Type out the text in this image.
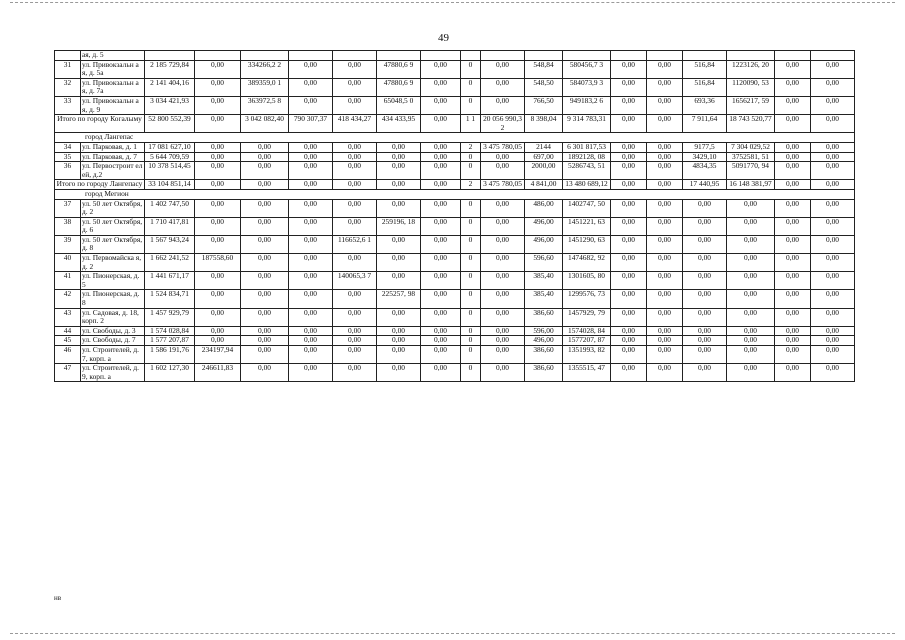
49
	ая, д. 5																		
31	ул. Привокзальн ая, д. 5а	2 185 729,84	0,00	334266,2 2	0,00	0,00	47880,6 9	0,00	0	0,00	548,84	580456,7 3	0,00	0,00	516,84	1223126, 20	0,00	0,00	
32	ул. Привокзальн ая, д. 7а	2 141 404,16	0,00	389359,0 1	0,00	0,00	47880,6 9	0,00	0	0,00	548,50	584073,9 3	0,00	0,00	516,84	1120090, 53	0,00	0,00	
33	ул. Привокзальн ая, д. 9	3 034 421,93	0,00	363972,5 8	0,00	0,00	65048,5 0	0,00	0	0,00	766,50	949183,2 6	0,00	0,00	693,36	1656217, 59	0,00	0,00	
Итого по городу Когалыму		52 800 552,39	0,00	3 042 082,40	790 307,37	418 434,27	434 433,95	0,00	1 1	20 056 990,32	8 398,04	9 314 783,31	0,00	0,00	7 911,64	18 743 520,77	0,00	0,00	
город Лангепас																			
34	ул. Парковая, д. 1	17 081 627,10	0,00	0,00	0,00	0,00	0,00	0,00	2	3 475 780,05	2144	6 301 817,53	0,00	0,00	9177,5	7 304 029,52	0,00	0,00	
35	ул. Парковая, д. 7	5 644 709,59	0,00	0,00	0,00	0,00	0,00	0,00	0	0,00	697,00	1892128, 08	0,00	0,00	3429,10	3752581, 51	0,00	0,00	
36	ул. Первостроит елей, д.2	10 378 514,45	0,00	0,00	0,00	0,00	0,00	0,00	0	0,00	2000,00	5286743, 51	0,00	0,00	4834,35	5091770, 94	0,00	0,00	
Итого по городу Лангепасу		33 104 851,14	0,00	0,00	0,00	0,00	0,00	0,00	2	3 475 780,05	4 841,00	13 480 689,12	0,00	0,00	17 440,95	16 148 381,97	0,00	0,00	
город Мегион																			
37	ул. 50 лет Октября, д. 2	1 402 747,50	0,00	0,00	0,00	0,00	0,00	0,00	0	0,00	486,00	1402747, 50	0,00	0,00	0,00	0,00	0,00	0,00	
38	ул. 50 лет Октября, д. 6	1 710 417,81	0,00	0,00	0,00	0,00	259196, 18	0,00	0	0,00	496,00	1451221, 63	0,00	0,00	0,00	0,00	0,00	0,00	
39	ул. 50 лет Октября, д. 8	1 567 943,24	0,00	0,00	0,00	116652,6 1	0,00	0,00	0	0,00	496,00	1451290, 63	0,00	0,00	0,00	0,00	0,00	0,00	
40	ул. Первомайска я, д. 2	1 662 241,52	187558,60	0,00	0,00	0,00	0,00	0,00	0	0,00	596,60	1474682, 92	0,00	0,00	0,00	0,00	0,00	0,00	
41	ул. Пионерская, д. 5	1 441 671,17	0,00	0,00	0,00	140065,3 7	0,00	0,00	0	0,00	385,40	1301605, 80	0,00	0,00	0,00	0,00	0,00	0,00	
42	ул. Пионерская, д. 8	1 524 834,71	0,00	0,00	0,00	0,00	225257, 98	0,00	0	0,00	385,40	1299576, 73	0,00	0,00	0,00	0,00	0,00	0,00	
43	ул. Садовая, д. 18, корп. 2	1 457 929,79	0,00	0,00	0,00	0,00	0,00	0,00	0	0,00	386,60	1457929, 79	0,00	0,00	0,00	0,00	0,00	0,00	
44	ул. Свободы, д. 3	1 574 028,84	0,00	0,00	0,00	0,00	0,00	0,00	0	0,00	596,00	1574028, 84	0,00	0,00	0,00	0,00	0,00	0,00	
45	ул. Свободы, д. 7	1 577 207,87	0,00	0,00	0,00	0,00	0,00	0,00	0	0,00	496,00	1577207, 87	0,00	0,00	0,00	0,00	0,00	0,00	
46	ул. Строителей, д. 7, корп. а	1 586 191,76	234197,94	0,00	0,00	0,00	0,00	0,00	0	0,00	386,60	1351993, 82	0,00	0,00	0,00	0,00	0,00	0,00	
47	ул. Строителей, д. 9, корп. а	1 602 127,30	246611,83	0,00	0,00	0,00	0,00	0,00	0	0,00	386,60	1355515, 47	0,00	0,00	0,00	0,00	0,00	0,00	
нв
